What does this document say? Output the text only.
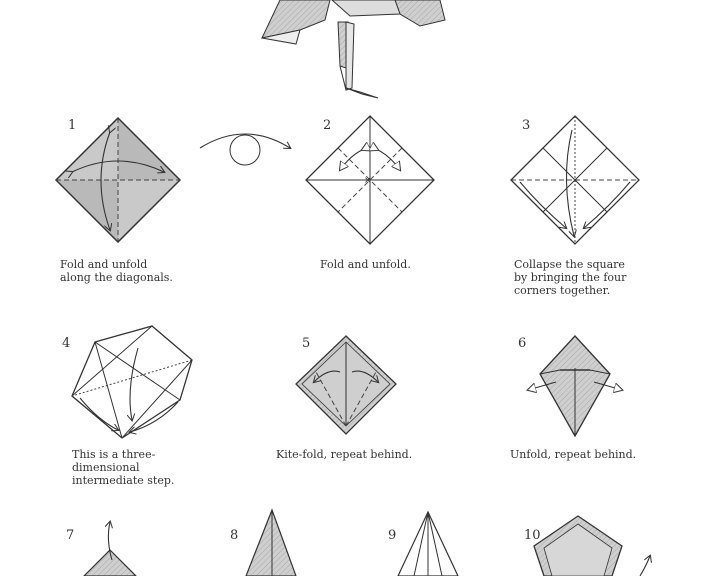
×
1	2	3
4	5	6
7	8	9	10
Fold and unfold
along the diagonals.
Fold and unfold.	Collapse the square
by bringing the four
corners together.
This is a three-
dimensional
intermediate step.
Kite-fold, repeat behind.	Unfold, repeat behind.
